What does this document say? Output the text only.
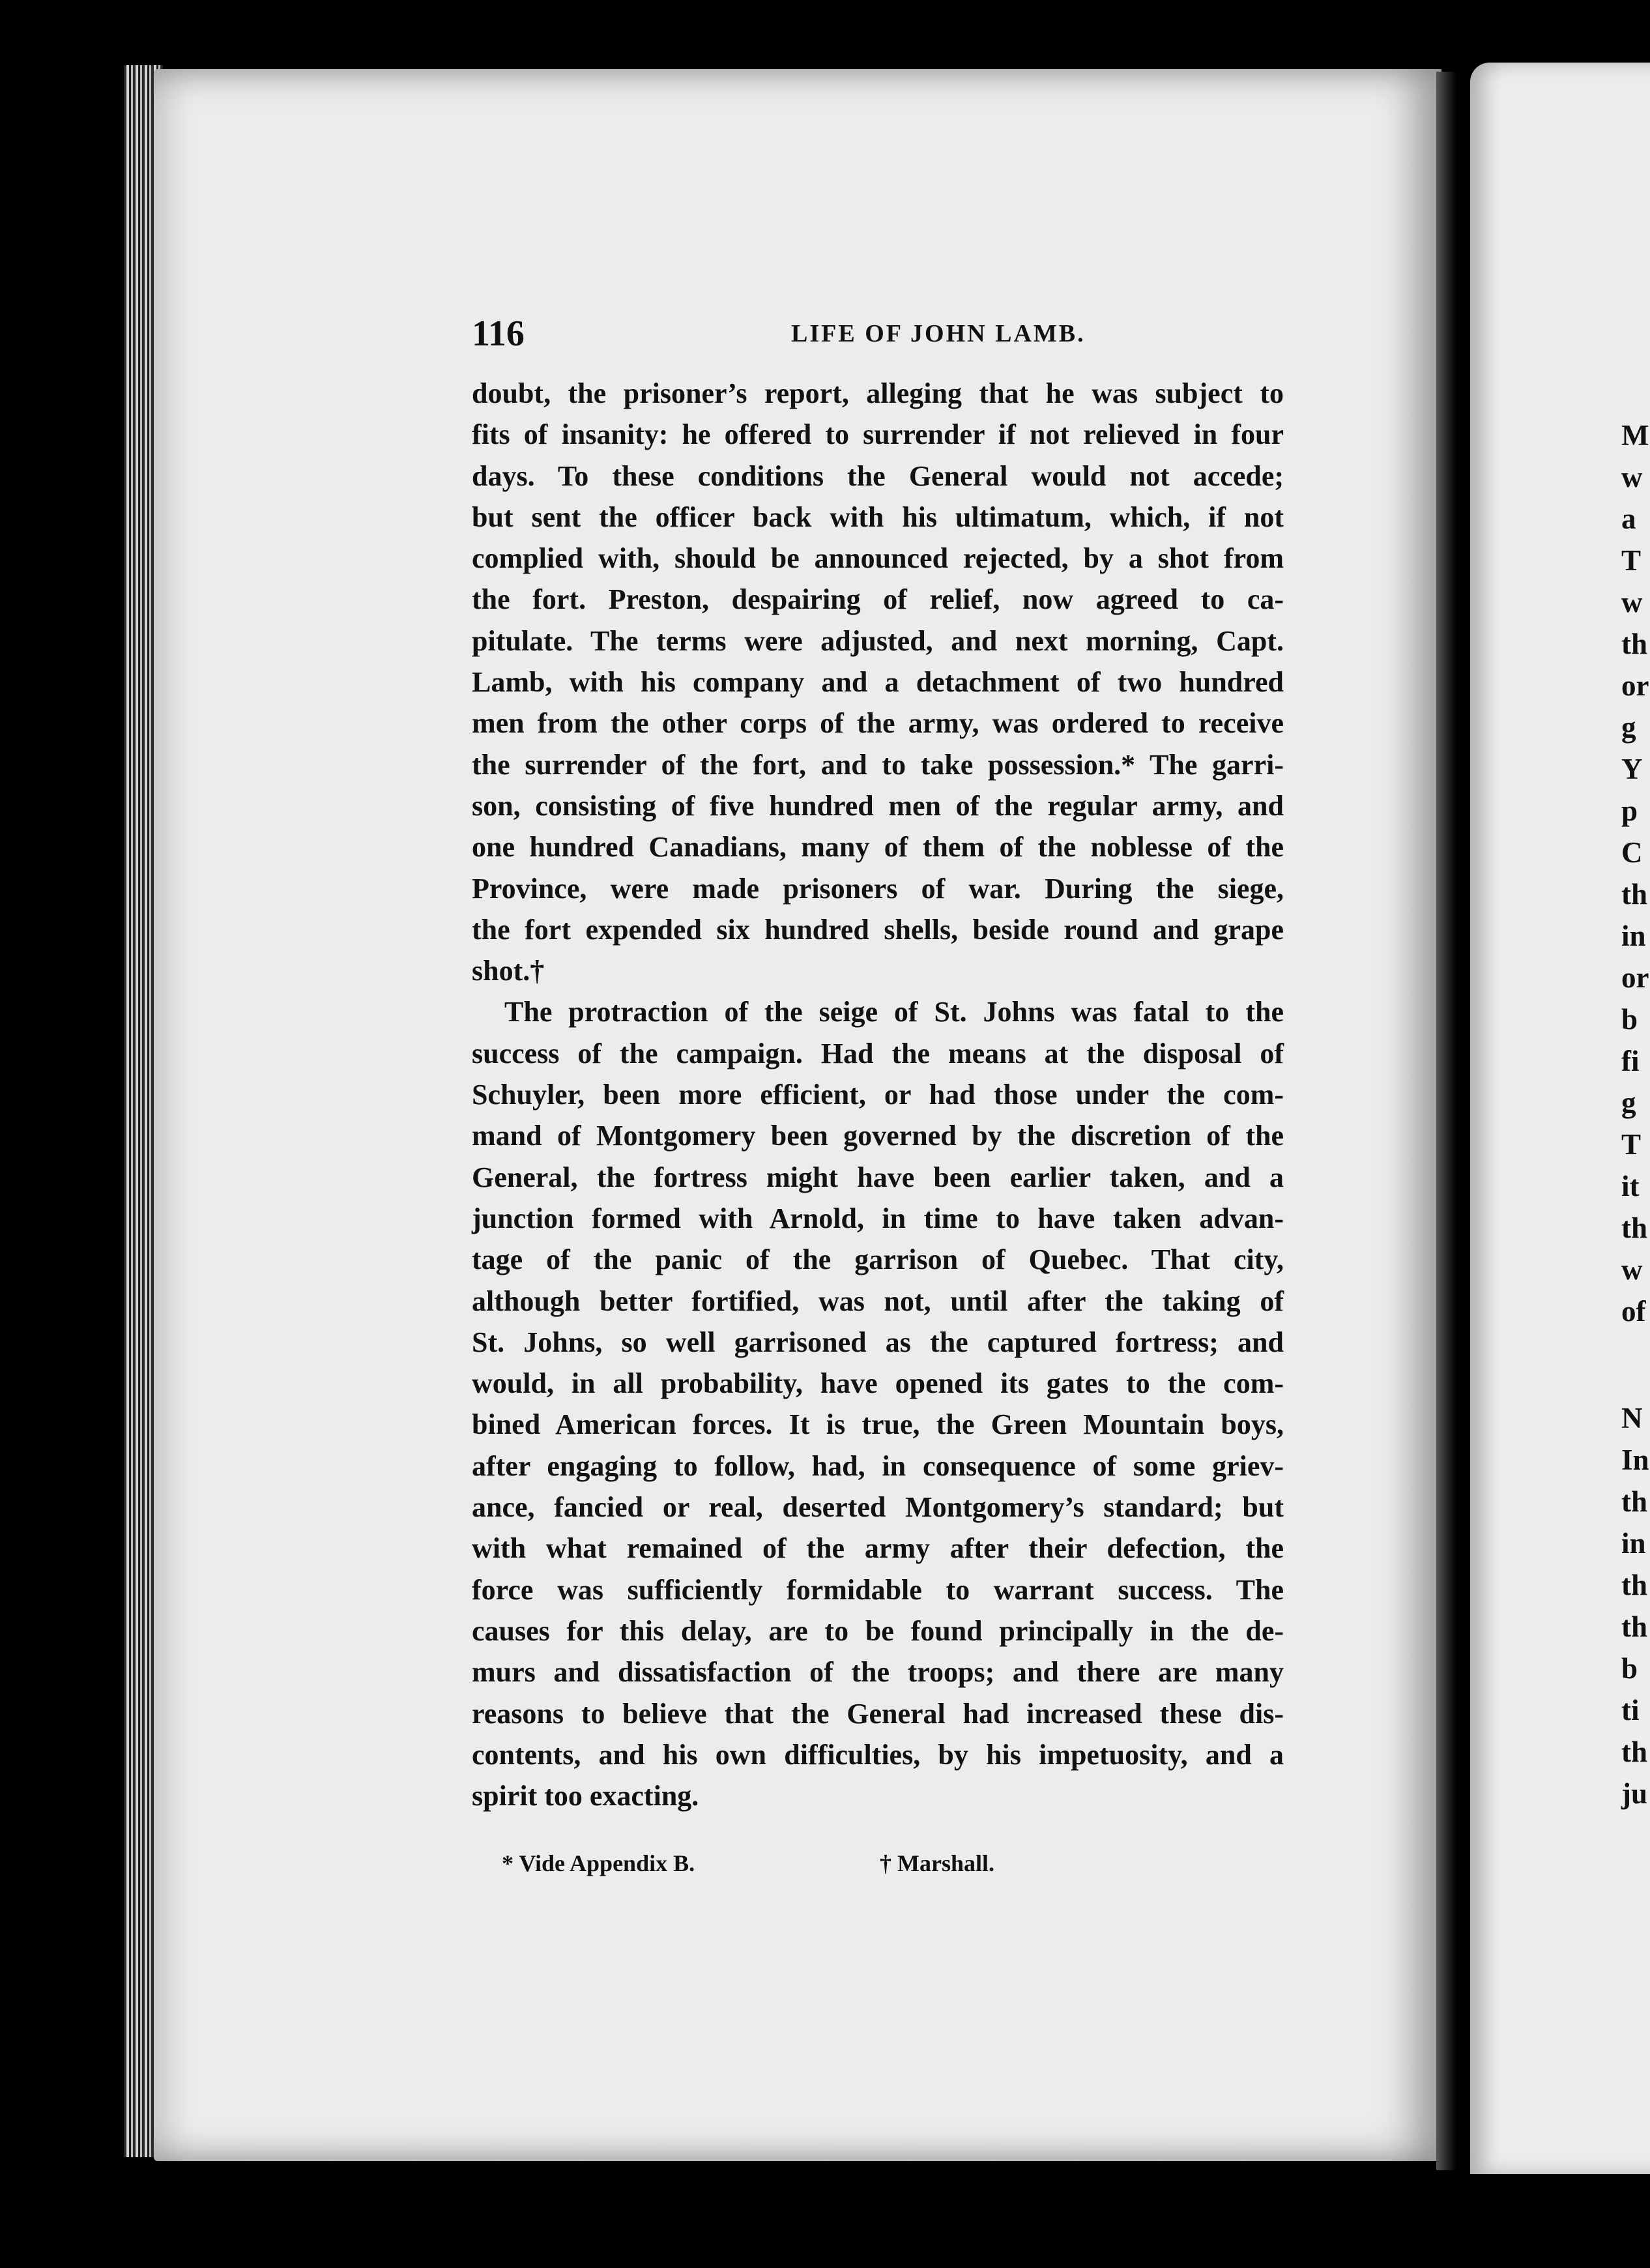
116	LIFE OF JOHN LAMB.
doubt, the prisoner’s report, alleging that he was subject to
fits of insanity: he offered to surrender if not relieved in four
days. To these conditions the General would not accede;
but sent the officer back with his ultimatum, which, if not
complied with, should be announced rejected, by a shot from
the fort. Preston, despairing of relief, now agreed to ca-
pitulate. The terms were adjusted, and next morning, Capt.
Lamb, with his company and a detachment of two hundred
men from the other corps of the army, was ordered to receive
the surrender of the fort, and to take possession.* The garri-
son, consisting of five hundred men of the regular army, and
one hundred Canadians, many of them of the noblesse of the
Province, were made prisoners of war. During the siege,
the fort expended six hundred shells, beside round and grape
shot.†
The protraction of the seige of St. Johns was fatal to the
success of the campaign. Had the means at the disposal of
Schuyler, been more efficient, or had those under the com-
mand of Montgomery been governed by the discretion of the
General, the fortress might have been earlier taken, and a
junction formed with Arnold, in time to have taken advan-
tage of the panic of the garrison of Quebec. That city,
although better fortified, was not, until after the taking of
St. Johns, so well garrisoned as the captured fortress; and
would, in all probability, have opened its gates to the com-
bined American forces. It is true, the Green Mountain boys,
after engaging to follow, had, in consequence of some griev-
ance, fancied or real, deserted Montgomery’s standard; but
with what remained of the army after their defection, the
force was sufficiently formidable to warrant success. The
causes for this delay, are to be found principally in the de-
murs and dissatisfaction of the troops; and there are many
reasons to believe that the General had increased these dis-
contents, and his own difficulties, by his impetuosity, and a
spirit too exacting.
* Vide Appendix B.	† Marshall.
M
w
a
T
w
th
or
g
Y
p
C
th
in
or
b
fi
g
T
it
th
w
of
N
In
th
in
th
th
b
ti
th
ju
